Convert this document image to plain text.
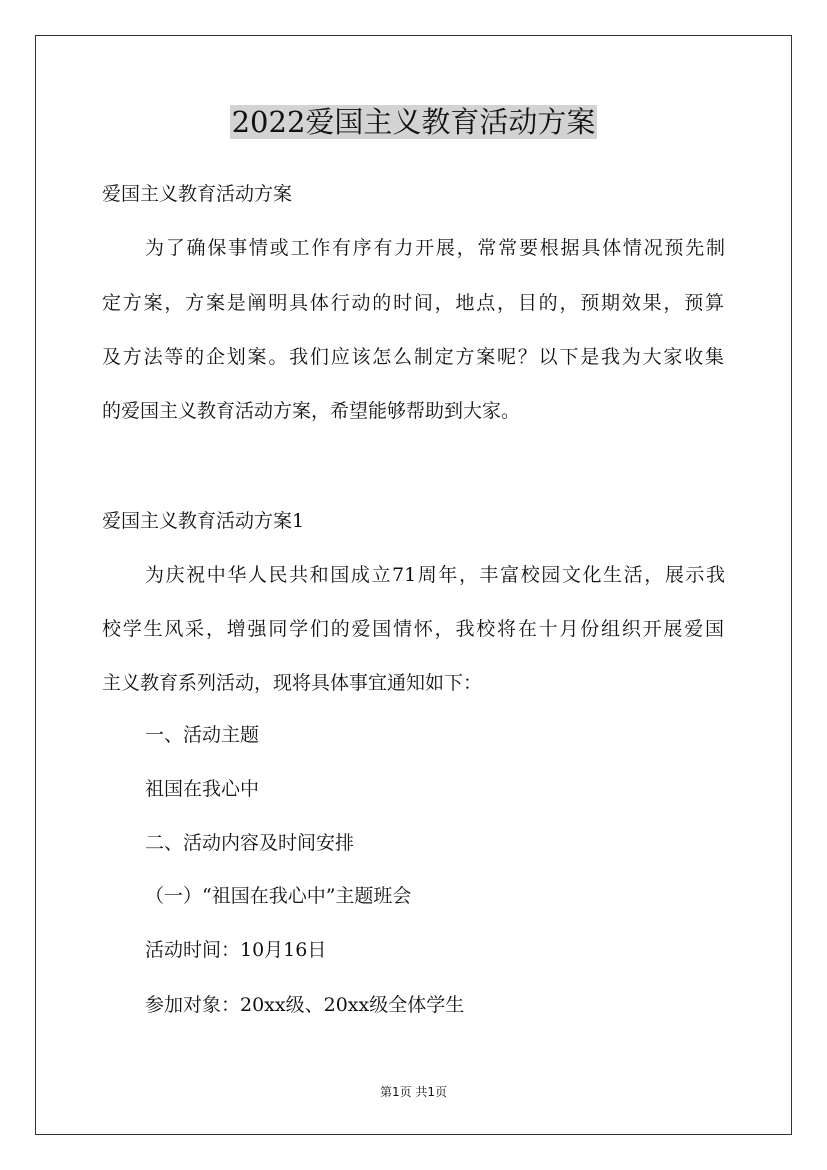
2022爱国主义教育活动方案
爱国主义教育活动方案
为了确保事情或工作有序有力开展，常常要根据具体情况预先制
定方案，方案是阐明具体行动的时间，地点，目的，预期效果，预算
及方法等的企划案。我们应该怎么制定方案呢？以下是我为大家收集
的爱国主义教育活动方案，希望能够帮助到大家。
爱国主义教育活动方案1
为庆祝中华人民共和国成立71周年，丰富校园文化生活，展示我
校学生风采，增强同学们的爱国情怀，我校将在十月份组织开展爱国
主义教育系列活动，现将具体事宜通知如下：
一、活动主题
祖国在我心中
二、活动内容及时间安排
（一）“祖国在我心中”主题班会
活动时间：10月16日
参加对象：20xx级、20xx级全体学生
第1页 共1页
